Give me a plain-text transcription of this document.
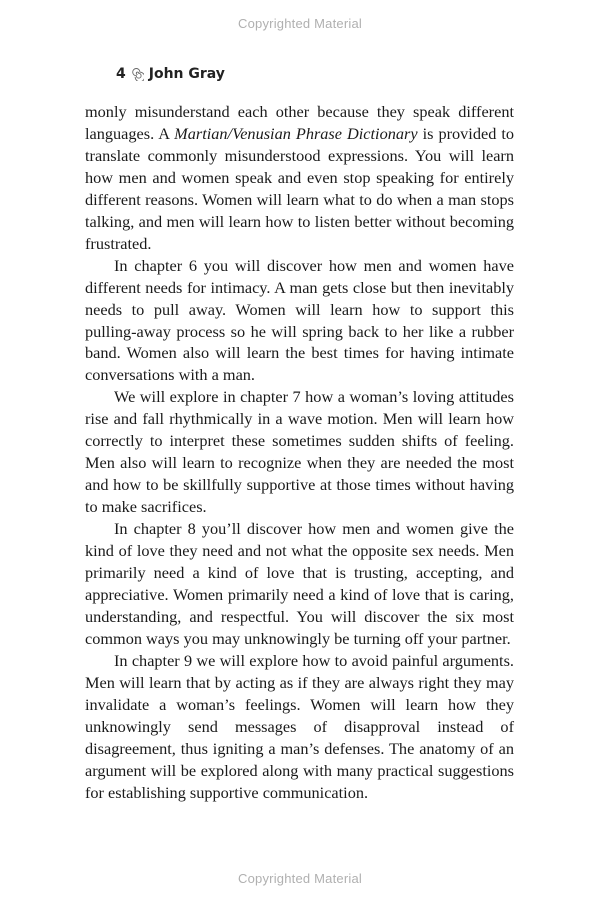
Copyrighted Material
4 John Gray

monly misunderstand each other because they speak different languages. A Martian/Venusian Phrase Dictionary is provided to translate commonly misunderstood expressions. You will learn how men and women speak and even stop speaking for entirely different reasons. Women will learn what to do when a man stops talking, and men will learn how to listen better without becoming frustrated.

In chapter 6 you will discover how men and women have different needs for intimacy. A man gets close but then inevitably needs to pull away. Women will learn how to support this pulling-away process so he will spring back to her like a rubber band. Women also will learn the best times for having intimate conversations with a man.

We will explore in chapter 7 how a woman’s loving attitudes rise and fall rhythmically in a wave motion. Men will learn how correctly to interpret these sometimes sudden shifts of feeling. Men also will learn to recognize when they are needed the most and how to be skillfully supportive at those times without having to make sacrifices.

In chapter 8 you’ll discover how men and women give the kind of love they need and not what the opposite sex needs. Men primarily need a kind of love that is trusting, accepting, and appreciative. Women primarily need a kind of love that is caring, understanding, and respectful. You will discover the six most common ways you may unknowingly be turning off your partner.

In chapter 9 we will explore how to avoid painful arguments. Men will learn that by acting as if they are always right they may invalidate a woman’s feelings. Women will learn how they unknowingly send messages of disapproval instead of disagreement, thus igniting a man’s defenses. The anatomy of an argument will be explored along with many practical suggestions for establishing supportive communication.

Copyrighted Material
